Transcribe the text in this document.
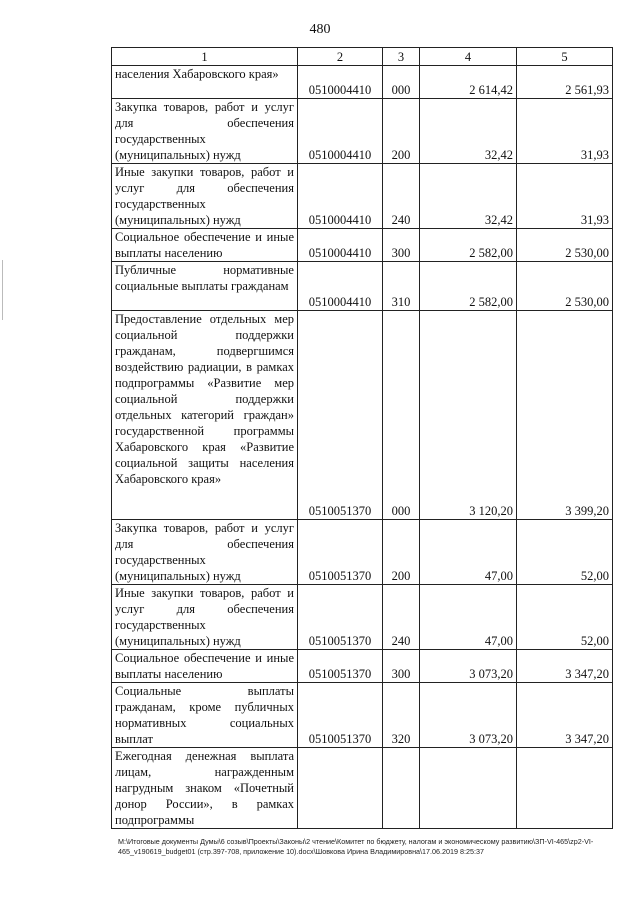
480
1	2	3	4	5
населения Хабаровского края»	0510004410	000	2 614,42	2 561,93
Закупка товаров, работ и услуг для обеспечения государственных (муниципальных) нужд	0510004410	200	32,42	31,93
Иные закупки товаров, работ и услуг для обеспечения государственных (муниципальных) нужд	0510004410	240	32,42	31,93
Социальное обеспечение и иные выплаты населению	0510004410	300	2 582,00	2 530,00
Публичные нормативные социальные выплаты гражданам	0510004410	310	2 582,00	2 530,00
Предоставление отдельных мер социальной поддержки гражданам, подвергшимся воздействию радиации, в рамках подпрограммы «Развитие мер социальной поддержки отдельных категорий граждан» государственной программы Хабаровского края «Развитие социальной защиты населения Хабаровского края»	0510051370	000	3 120,20	3 399,20
Закупка товаров, работ и услуг для обеспечения государственных (муниципальных) нужд	0510051370	200	47,00	52,00
Иные закупки товаров, работ и услуг для обеспечения государственных (муниципальных) нужд	0510051370	240	47,00	52,00
Социальное обеспечение и иные выплаты населению	0510051370	300	3 073,20	3 347,20
Социальные выплаты гражданам, кроме публичных нормативных социальных выплат	0510051370	320	3 073,20	3 347,20
Ежегодная денежная выплата лицам, награжденным нагрудным знаком «Почетный донор России», в рамках подпрограммы				
M:\Итоговые документы Думы\6 созыв\Проекты\Законы\2 чтение\Комитет по бюджету, налогам и экономическому развитию\ЗП-VI-465\zp2-VI-465_v190619_budget01 (стр.397-708, приложение 10).docx\Шовкова Ирина Владимировна\17.06.2019 8:25:37
